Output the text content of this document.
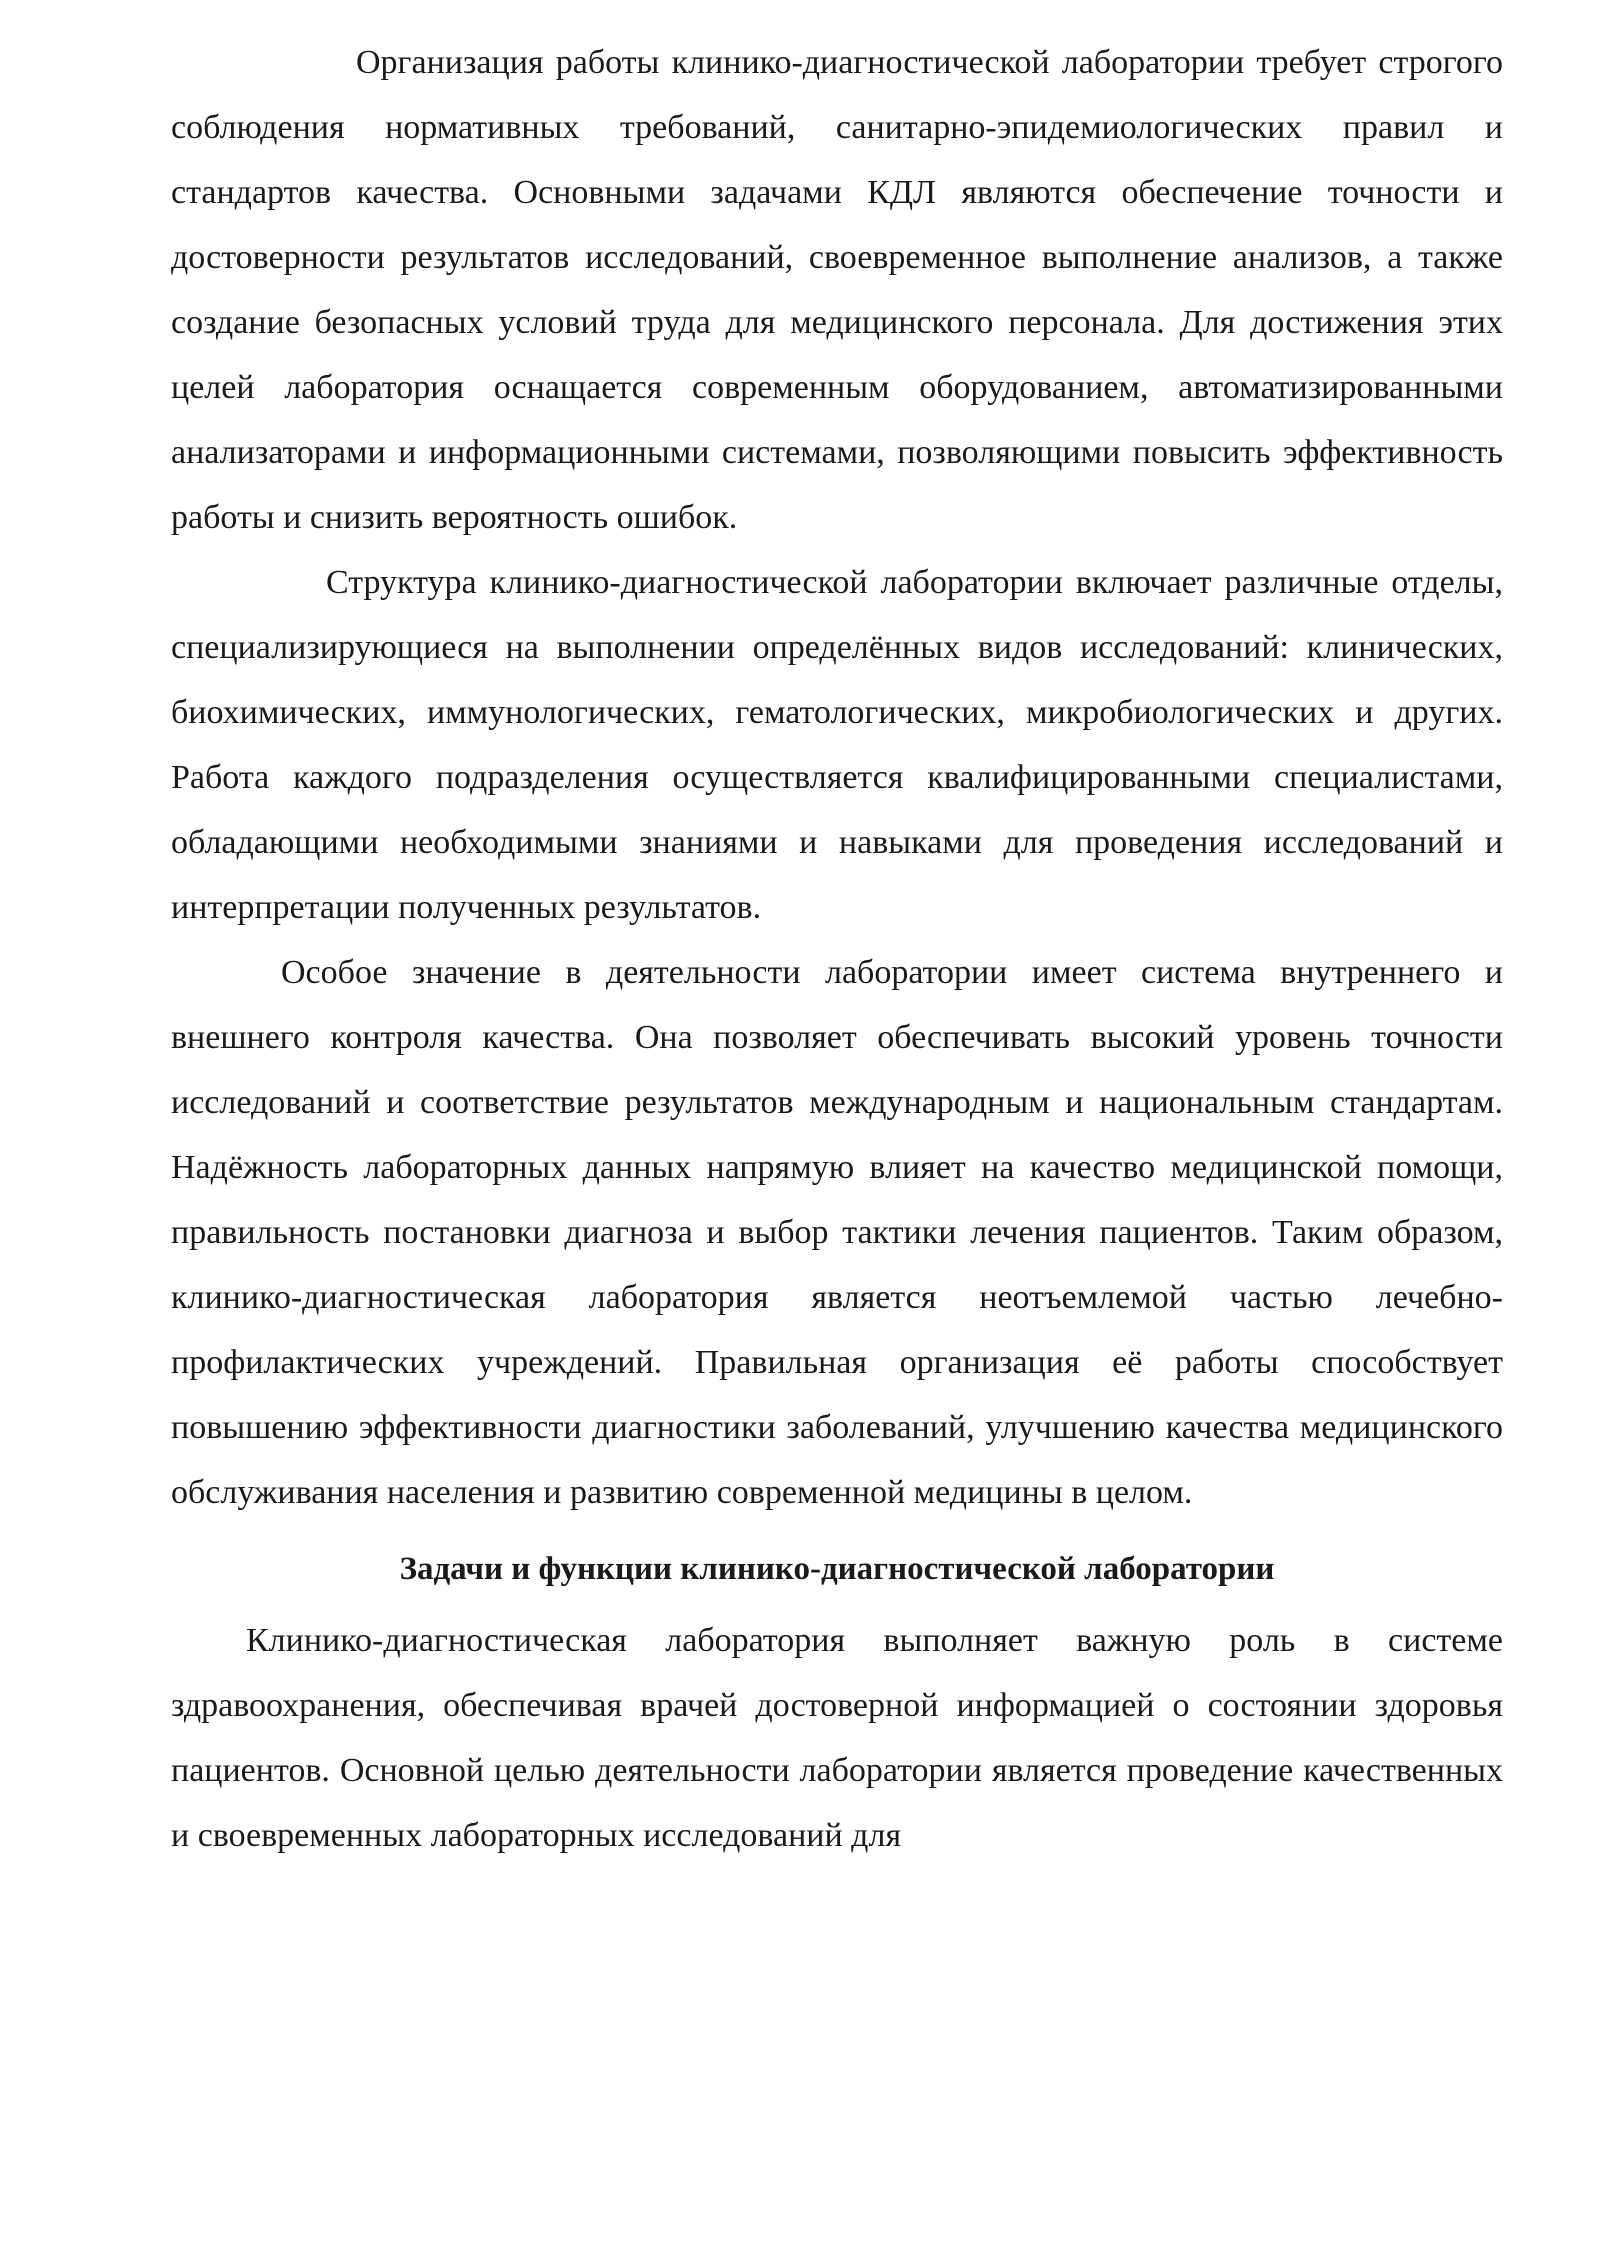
Организация работы клинико-диагностической лаборатории требует строгого соблюдения нормативных требований, санитарно-эпидемиологических правил и стандартов качества. Основными задачами КДЛ являются обеспечение точности и достоверности результатов исследований, своевременное выполнение анализов, а также создание безопасных условий труда для медицинского персонала. Для достижения этих целей лаборатория оснащается современным оборудованием, автоматизированными анализаторами и информационными системами, позволяющими повысить эффективность работы и снизить вероятность ошибок.

Структура клинико-диагностической лаборатории включает различные отделы, специализирующиеся на выполнении определённых видов исследований: клинических, биохимических, иммунологических, гематологических, микробиологических и других. Работа каждого подразделения осуществляется квалифицированными специалистами, обладающими необходимыми знаниями и навыками для проведения исследований и интерпретации полученных результатов.

Особое значение в деятельности лаборатории имеет система внутреннего и внешнего контроля качества. Она позволяет обеспечивать высокий уровень точности исследований и соответствие результатов международным и национальным стандартам. Надёжность лабораторных данных напрямую влияет на качество медицинской помощи, правильность постановки диагноза и выбор тактики лечения пациентов. Таким образом, клинико-диагностическая лаборатория является неотъемлемой частью лечебно-профилактических учреждений. Правильная организация её работы способствует повышению эффективности диагностики заболеваний, улучшению качества медицинского обслуживания населения и развитию современной медицины в целом.

Задачи и функции клинико-диагностической лаборатории

Клинико-диагностическая лаборатория выполняет важную роль в системе здравоохранения, обеспечивая врачей достоверной информацией о состоянии здоровья пациентов. Основной целью деятельности лаборатории является проведение качественных и своевременных лабораторных исследований для
